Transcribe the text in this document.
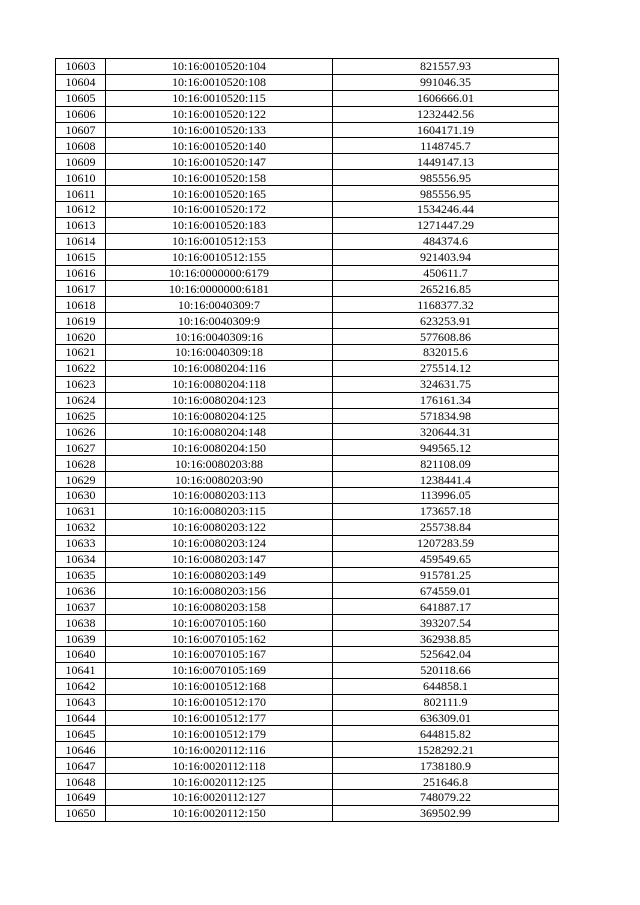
10603	10:16:0010520:104	821557.93
10604	10:16:0010520:108	991046.35
10605	10:16:0010520:115	1606666.01
10606	10:16:0010520:122	1232442.56
10607	10:16:0010520:133	1604171.19
10608	10:16:0010520:140	1148745.7
10609	10:16:0010520:147	1449147.13
10610	10:16:0010520:158	985556.95
10611	10:16:0010520:165	985556.95
10612	10:16:0010520:172	1534246.44
10613	10:16:0010520:183	1271447.29
10614	10:16:0010512:153	484374.6
10615	10:16:0010512:155	921403.94
10616	10:16:0000000:6179	450611.7
10617	10:16:0000000:6181	265216.85
10618	10:16:0040309:7	1168377.32
10619	10:16:0040309:9	623253.91
10620	10:16:0040309:16	577608.86
10621	10:16:0040309:18	832015.6
10622	10:16:0080204:116	275514.12
10623	10:16:0080204:118	324631.75
10624	10:16:0080204:123	176161.34
10625	10:16:0080204:125	571834.98
10626	10:16:0080204:148	320644.31
10627	10:16:0080204:150	949565.12
10628	10:16:0080203:88	821108.09
10629	10:16:0080203:90	1238441.4
10630	10:16:0080203:113	113996.05
10631	10:16:0080203:115	173657.18
10632	10:16:0080203:122	255738.84
10633	10:16:0080203:124	1207283.59
10634	10:16:0080203:147	459549.65
10635	10:16:0080203:149	915781.25
10636	10:16:0080203:156	674559.01
10637	10:16:0080203:158	641887.17
10638	10:16:0070105:160	393207.54
10639	10:16:0070105:162	362938.85
10640	10:16:0070105:167	525642.04
10641	10:16:0070105:169	520118.66
10642	10:16:0010512:168	644858.1
10643	10:16:0010512:170	802111.9
10644	10:16:0010512:177	636309.01
10645	10:16:0010512:179	644815.82
10646	10:16:0020112:116	1528292.21
10647	10:16:0020112:118	1738180.9
10648	10:16:0020112:125	251646.8
10649	10:16:0020112:127	748079.22
10650	10:16:0020112:150	369502.99
